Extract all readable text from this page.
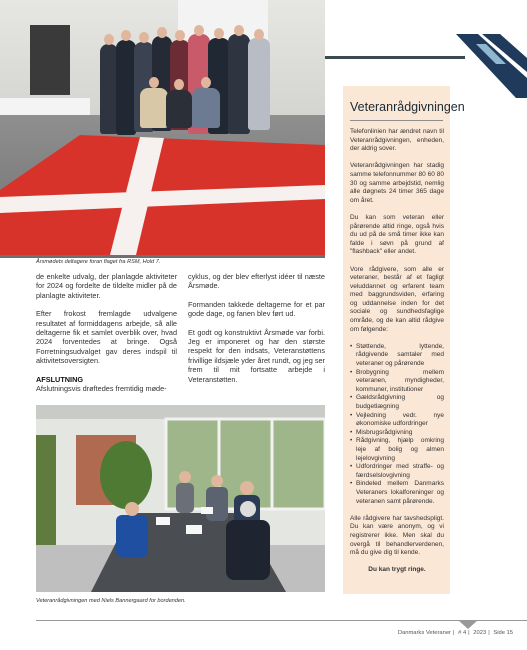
Årsmødets deltagere foran flaget fra RSM, Hold 7.

de enkelte udvalg, der planlagde aktiviteter for 2024 og fordelte de tildelte midler på de planlagte aktiviteter.

Efter frokost fremlagde udvalgene resultatet af formiddagens arbejde, så alle deltagerne fik et samlet overblik over, hvad 2024 forventedes at bringe. Også Forretningsudvalget gav deres indspil til aktivitetsoversigten.

AFSLUTNING
Afslutningsvis drøftedes fremtidig møde-

cyklus, og der blev efterlyst idéer til næste Årsmøde.

Formanden takkede deltagerne for et par gode dage, og fanen blev ført ud.

Et godt og konstruktivt Årsmøde var forbi. Jeg er imponeret og har den største respekt for den indsats, Veteranstøttens frivillige ildsjæle yder året rundt, og jeg ser frem til mit fortsatte arbejde i Veteranstøtten.

Veteranrådgivningen med Niels Bannergaard for bordenden.
Veteranrådgivningen

Telefonlinien har ændret navn til Veteranrådgivningen, enheden, der aldrig sover.

Veteranrådgivningen har stadig samme telefonnummer 80 60 80 30 og samme arbejdstid, nemlig alle døgnets 24 timer 365 dage om året.

Du kan som veteran eller pårørende altid ringe, også hvis du ud på de små timer ikke kan falde i søvn på grund af "flashback" eller andet.

Vore rådgivere, som alle er veteraner, består af et fagligt veluddannet og erfarent team med baggrundsviden, erfaring og uddannelse inden for det sociale og sundhedsfaglige område, og de kan altid rådgive om følgende:

• Støttende, lyttende, rådgivende samtaler med veteraner og pårørende
• Brobygning mellem veteranen, myndigheder, kommuner, institutioner
• Gældsrådgivning og budgetlægning
• Vejledning vedr. nye økonomiske udfordringer
• Misbrugsrådgivning
• Rådgivning, hjælp omkring leje af bolig og almen lejelovgivning
• Udfordringer med straffe- og færdselslovgivning
• Bindeled mellem Danmarks Veteraners lokalforeninger og veteranen samt pårørende.

Alle rådgivere har tavshedspligt. Du kan være anonym, og vi registrerer ikke. Men skal du overgå til behandlerverdenen, må du give dig til kende.

Du kan trygt ringe.
Danmarks Veteraner | # 4 | 2023 | Side 15
